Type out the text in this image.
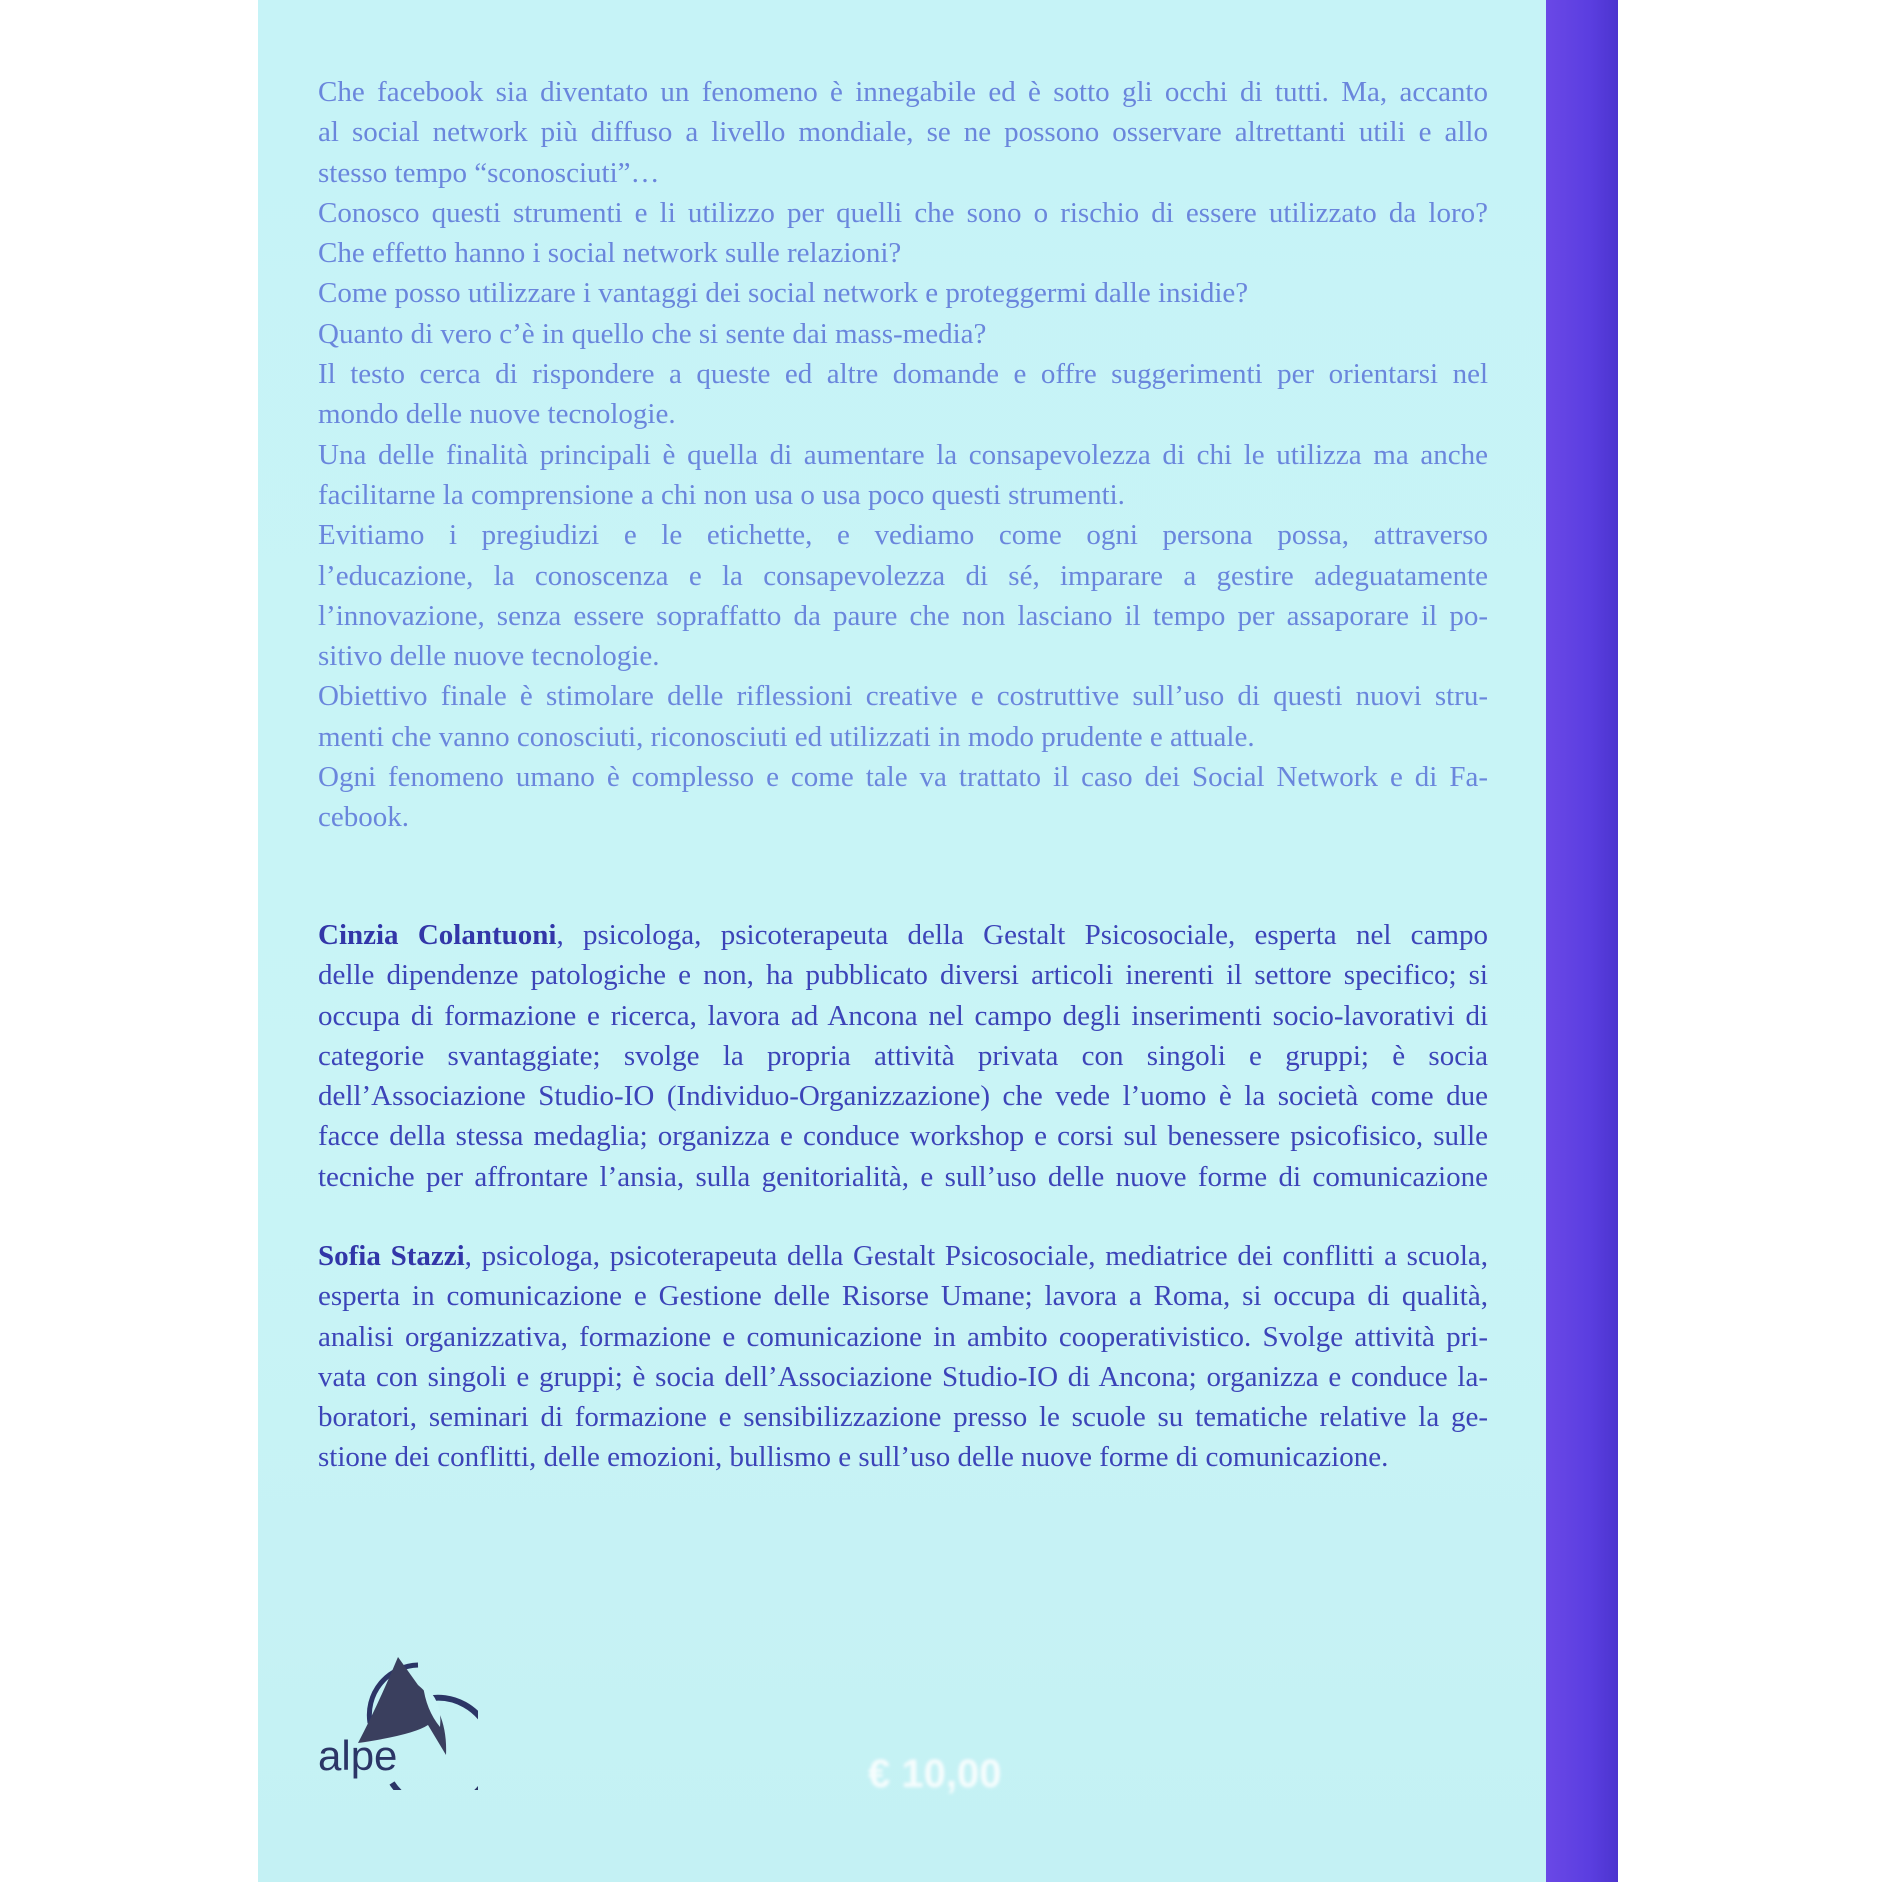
Che facebook sia diventato un fenomeno è innegabile ed è sotto gli occhi di tutti. Ma, accanto
al social network più diffuso a livello mondiale, se ne possono osservare altrettanti utili e allo
stesso tempo “sconosciuti”…
Conosco questi strumenti e li utilizzo per quelli che sono o rischio di essere utilizzato da loro?
Che effetto hanno i social network sulle relazioni?
Come posso utilizzare i vantaggi dei social network e proteggermi dalle insidie?
Quanto di vero c’è in quello che si sente dai mass-media?
Il testo cerca di rispondere a queste ed altre domande e offre suggerimenti per orientarsi nel
mondo delle nuove tecnologie.
Una delle finalità principali è quella di aumentare la consapevolezza di chi le utilizza ma anche
facilitarne la comprensione a chi non usa o usa poco questi strumenti.
Evitiamo i pregiudizi e le etichette, e vediamo come ogni persona possa, attraverso
l’educazione, la conoscenza e la consapevolezza di sé, imparare a gestire adeguatamente
l’innovazione, senza essere sopraffatto da paure che non lasciano il tempo per assaporare il po-
sitivo delle nuove tecnologie.
Obiettivo finale è stimolare delle riflessioni creative e costruttive sull’uso di questi nuovi stru-
menti che vanno conosciuti, riconosciuti ed utilizzati in modo prudente e attuale.
Ogni fenomeno umano è complesso e come tale va trattato il caso dei Social Network e di Fa-
cebook.
Cinzia Colantuoni, psicologa, psicoterapeuta della Gestalt Psicosociale, esperta nel campo
delle dipendenze patologiche e non, ha pubblicato diversi articoli inerenti il settore specifico; si
occupa di formazione e ricerca, lavora ad Ancona nel campo degli inserimenti socio-lavorativi di
categorie svantaggiate; svolge la propria attività privata con singoli e gruppi; è socia
dell’Associazione Studio-IO (Individuo-Organizzazione) che vede l’uomo è la società come due
facce della stessa medaglia; organizza e conduce workshop e corsi sul benessere psicofisico, sulle
tecniche per affrontare l’ansia, sulla genitorialità, e sull’uso delle nuove forme di comunicazione
Sofia Stazzi, psicologa, psicoterapeuta della Gestalt Psicosociale, mediatrice dei conflitti a scuola,
esperta in comunicazione e Gestione delle Risorse Umane; lavora a Roma, si occupa di qualità,
analisi organizzativa, formazione e comunicazione in ambito cooperativistico. Svolge attività pri-
vata con singoli e gruppi; è socia dell’Associazione Studio-IO di Ancona; organizza e conduce la-
boratori, seminari di formazione e sensibilizzazione presso le scuole su tematiche relative la ge-
stione dei conflitti, delle emozioni, bullismo e sull’uso delle nuove forme di comunicazione.
alpe	€ 10,00
